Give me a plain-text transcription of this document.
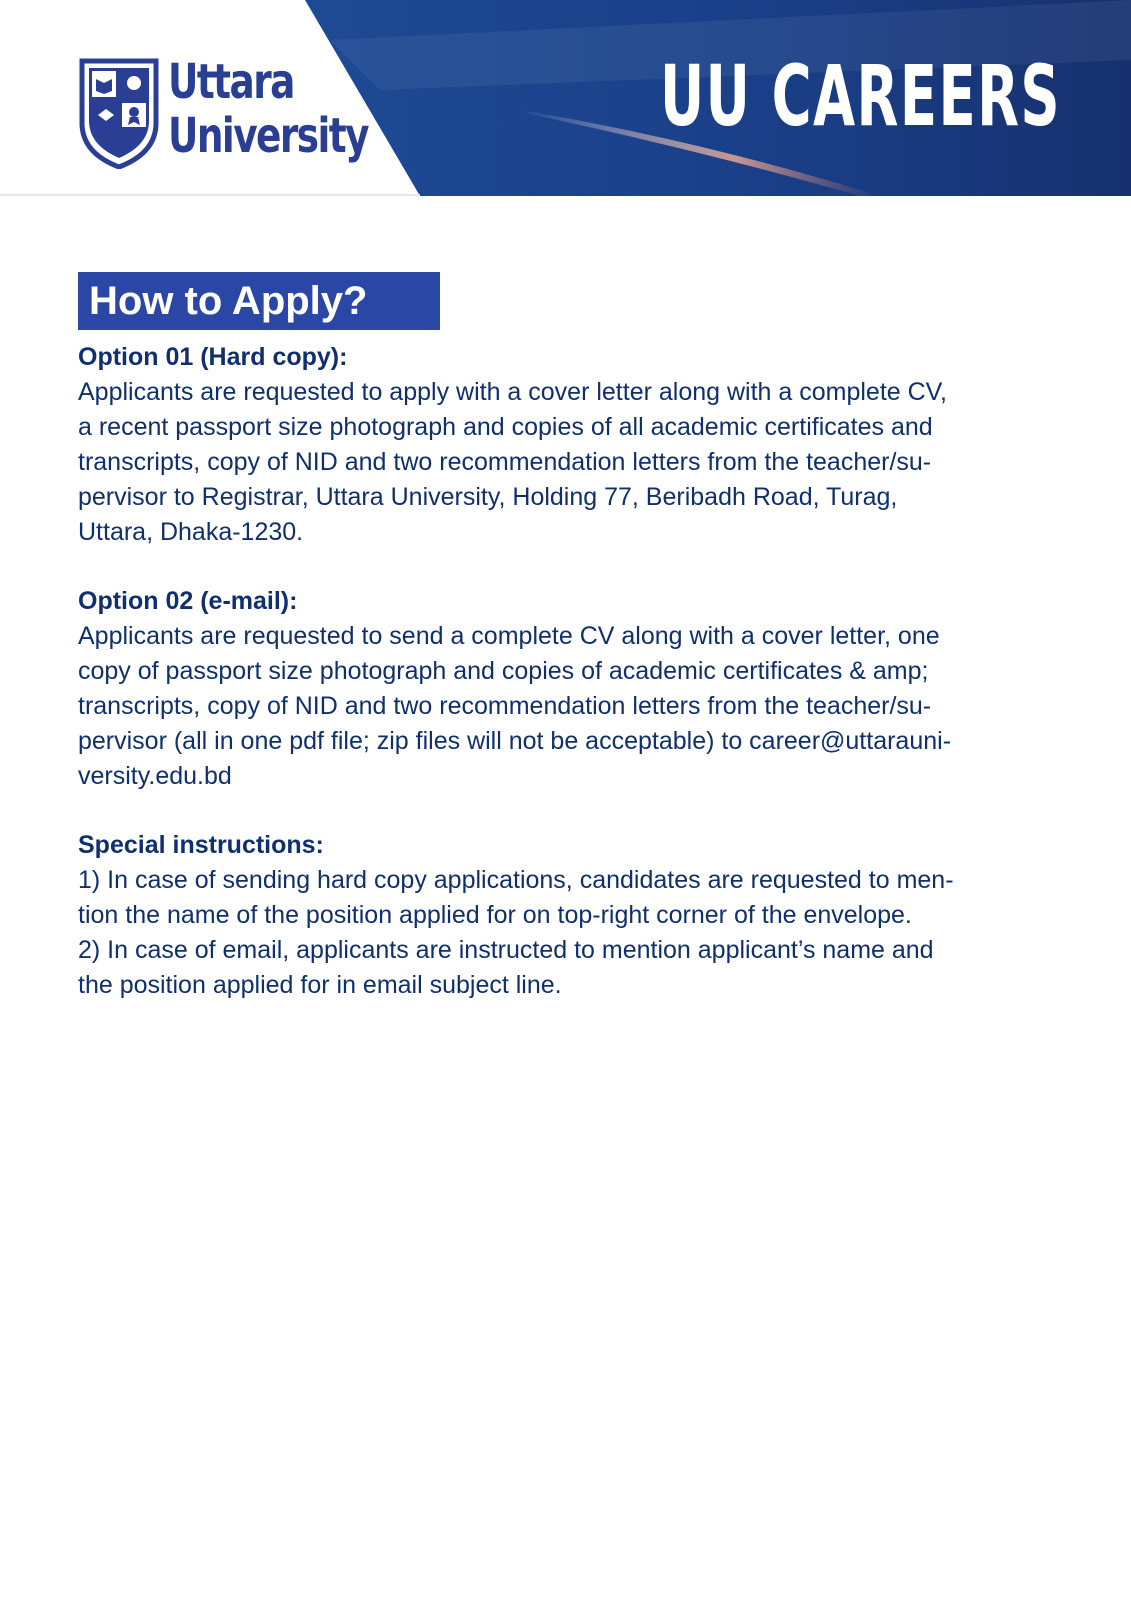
Uttara
University	UU CAREERS
How to Apply?

Option 01 (Hard copy):

Applicants are requested to apply with a cover letter along with a complete CV,
a recent passport size photograph and copies of all academic certificates and
transcripts, copy of NID and two recommendation letters from the teacher/su-
pervisor to Registrar, Uttara University, Holding 77, Beribadh Road, Turag,
Uttara, Dhaka-1230.

Option 02 (e-mail):

Applicants are requested to send a complete CV along with a cover letter, one
copy of passport size photograph and copies of academic certificates & amp;
transcripts, copy of NID and two recommendation letters from the teacher/su-
pervisor (all in one pdf file; zip files will not be acceptable) to career@uttarauni-
versity.edu.bd

Special instructions:

1) In case of sending hard copy applications, candidates are requested to men-
tion the name of the position applied for on top-right corner of the envelope.
2) In case of email, applicants are instructed to mention applicant’s name and
the position applied for in email subject line.
